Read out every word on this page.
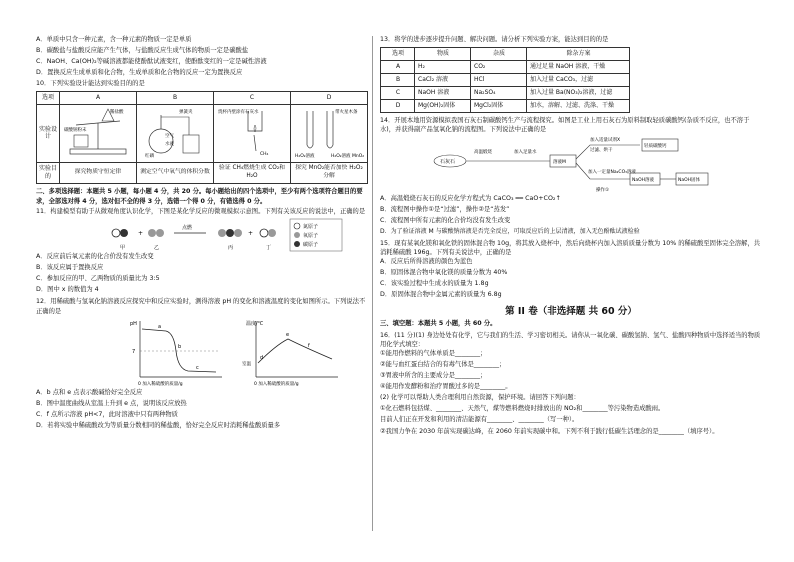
A．单质中只含一种元素，含一种元素的物质一定是单质

B．碳酸盐与盐酸反应能产生气体，与盐酸反应生成气体的物质一定是碳酸盐

C．NaOH、Ca(OH)₂等碱溶液都能使酚酞试液变红，使酚酞变红的一定是碱性溶液

D．置换反应生成单质和化合物，生成单质和化合物的反应一定为置换反应

10．下列实验设计能达到实验目的的是

选项	A	B	C	D
实验设计	碳酸钠粉末
稀盐酸	弹簧夹
空气
水液
红磷	烧杯内壁涂有石灰水
CH₄	带火星木条
H₂O₂溶液 H₂O₂溶液 MnO₂

实验目的	探究物质守恒定律	测定空气中氧气的体积分数	验证 CH₄燃烧生成 CO₂和 H₂O	探究 MnO₂能否加快 H₂O₂分解

二、多项选择题：本题共 5 小题，每小题 4 分，共 20 分。每小题给出的四个选项中，至少有两个选项符合题目的要求，全部选对得 4 分，选对但不全的得 3 分，选错一个得 0 分，有错选得 0 分。

11．构建模型有助于从微观角度认识化学，下图是某化学反应的微观模拟示意图。下列有关该反应的说法中，正确的是

+
点燃
+
甲	乙	丙	丁
氮原子
氧原子
碳原子

A．反应前后氧元素的化合价没有发生改变

B．该反应属于置换反应

C．参加反应的甲、乙两物质的质量比为 3:5

D．图中 x 的数值为 4

12．用稀硫酸与氢氧化钠溶液反应探究中和反应实验时，测得溶液 pH 的变化和溶液温度的变化如图所示。下列说法不正确的是

pH
7
a
b
c
0 加入稀硫酸的质量/g
温度/℃
室温
d
e
f
0 加入稀硫酸的质量/g

A．b 点和 e 点表示酸碱恰好完全反应

B．图中温度曲线从室温上升到 e 点，说明该反应放热

C．f 点所示溶液 pH<7，此时溶液中只有两种物质

D．若将实验中稀硫酸改为等质量分数相同的稀盐酸，恰好完全反应时消耗稀盐酸质量多

13．将学的进步逐步提升问题、解决问题。请分析下列实验方案，能达到目的的是

选项	物质	杂质	除杂方案
A	H₂	CO₂	通过足量 NaOH 溶液，干燥
B	CaCl₂ 溶液	HCl	加入过量 CaCO₃，过滤
C	NaOH 溶液	Na₂SO₄	加入过量 Ba(NO₃)₂溶液，过滤
D	Mg(OH)₂固体	MgCl₂固体	加水，溶解、过滤、洗涤、干燥

14．开展本地用资源模拟我国石灰石制碳酸钙生产与流程探究。如图是工业上用石灰石为原料制取轻质碳酸钙(杂质不反应，也不溶于水)，并获得副产品氢氧化钠的流程图。下列说法中正确的是

石灰石
高温煅烧	加入足量水
溶液M
加入适量试剂X
过滤、烘干
轻质碳酸钙
加入一定量Na₂CO₃溶液
NaOH溶液	NaOH固体
操作①

A．高温煅烧石灰石的反应化学方程式为 CaCO₃ ══ CaO+CO₂↑

B．流程图中操作①是“过滤”，操作②是“蒸发”

C．流程图中所有元素的化合价均没有发生改变

D．为了验证溶液 M 与碳酸钠溶液是否完全反应，可取反应后的上层清液，加入无色酚酞试液检验

15．现有某氧化镁和氧化铁的固体混合物 10g，将其放入烧杯中，然后向烧杯内加入溶质质量分数为 10% 的稀硫酸至固体完全溶解，共消耗稀硫酸 196g。下列有关说法中，正确的是

A．反应后所得溶液的颜色为蓝色

B．原固体混合物中氧化镁的质量分数为 40%

C．该实验过程中生成水的质量为 1.8g

D．原固体混合物中金属元素的质量为 6.8g

第 II 卷（非选择题 共 60 分）

三、填空题：本题共 5 小题，共 60 分。

16．(11 分)(1) 身边处处有化学，它与我们的生活、学习密切相关。请你从一氧化碳、碳酸氢钠、氢气、盐酸四种物质中选择适当的物质用化学式填空：

①能用作燃料的气体单质是________；

②能与血红蛋白结合的有毒气体是________；

③胃液中所含的主要成分是________；

④能用作发酵粉和治疗胃酸过多的是________。

(2) 化学可以帮助人类合理利用自然资源，保护环境。请回答下列问题：

①化石燃料包括煤、________、天然气，煤等燃料燃烧时排放出的 NO₂和________等污染物造成酸雨。

目前人们正在开发和利用的清洁能源有________、________（写一种）。

②我国力争在 2030 年前实现碳达峰，在 2060 年前实现碳中和。下列不利于践行低碳生活理念的是________（填序号）。
